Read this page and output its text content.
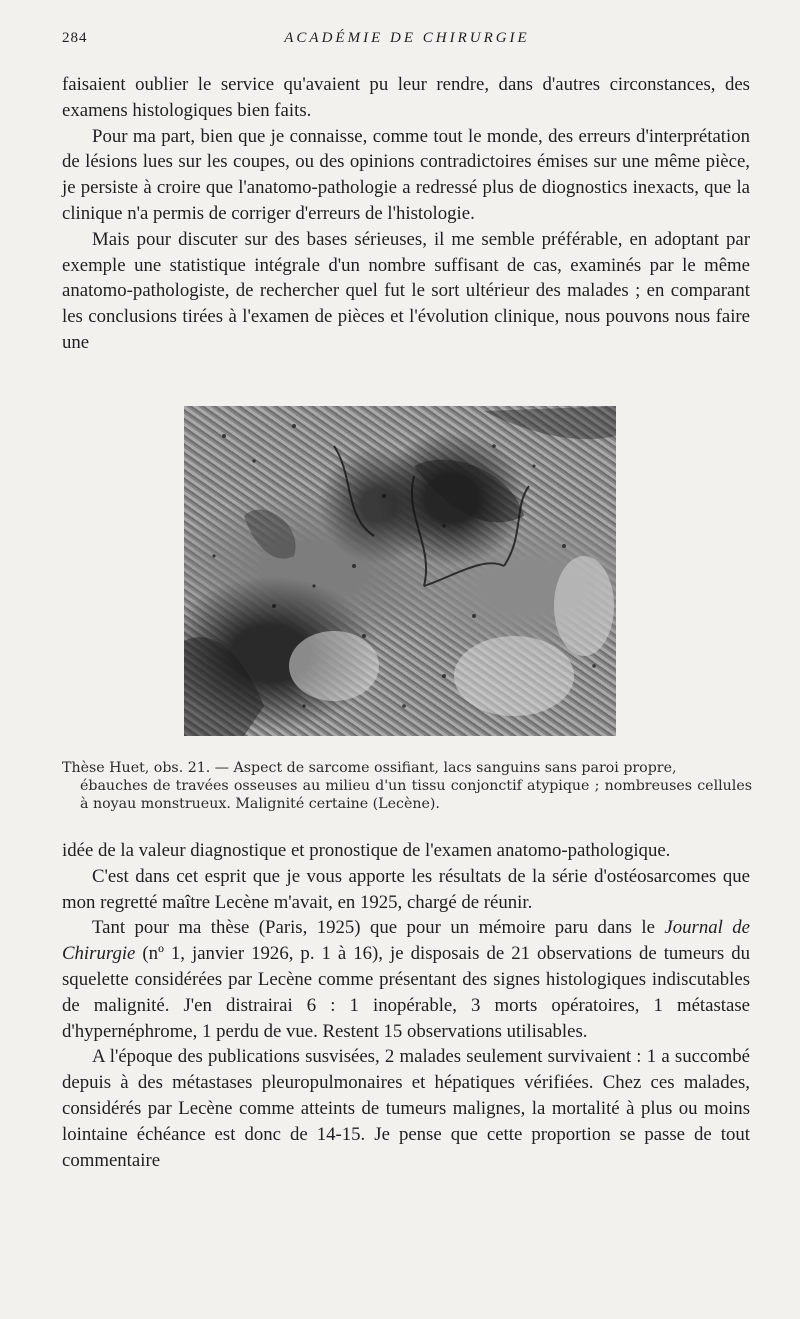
284	ACADÉMIE DE CHIRURGIE

faisaient oublier le service qu'avaient pu leur rendre, dans d'autres circonstances, des examens histologiques bien faits.

Pour ma part, bien que je connaisse, comme tout le monde, des erreurs d'interprétation de lésions lues sur les coupes, ou des opinions contradictoires émises sur une même pièce, je persiste à croire que l'anatomo-pathologie a redressé plus de diognostics inexacts, que la clinique n'a permis de corriger d'erreurs de l'histologie.

Mais pour discuter sur des bases sérieuses, il me semble préférable, en adoptant par exemple une statistique intégrale d'un nombre suffisant de cas, examinés par le même anatomo-pathologiste, de rechercher quel fut le sort ultérieur des malades ; en comparant les conclusions tirées à l'examen de pièces et l'évolution clinique, nous pouvons nous faire une

Thèse Huet, obs. 21. — Aspect de sarcome ossifiant, lacs sanguins sans paroi propre,
ébauches de travées osseuses au milieu d'un tissu conjonctif atypique ; nombreuses cellules à noyau monstrueux. Malignité certaine (Lecène).

idée de la valeur diagnostique et pronostique de l'examen anatomo-pathologique.

C'est dans cet esprit que je vous apporte les résultats de la série d'ostéosarcomes que mon regretté maître Lecène m'avait, en 1925, chargé de réunir.

Tant pour ma thèse (Paris, 1925) que pour un mémoire paru dans le Journal de Chirurgie (nº 1, janvier 1926, p. 1 à 16), je disposais de 21 observations de tumeurs du squelette considérées par Lecène comme présentant des signes histologiques indiscutables de malignité. J'en distrairai 6 : 1 inopérable, 3 morts opératoires, 1 métastase d'hypernéphrome, 1 perdu de vue. Restent 15 observations utilisables.

A l'époque des publications susvisées, 2 malades seulement survivaient : 1 a succombé depuis à des métastases pleuropulmonaires et hépatiques vérifiées. Chez ces malades, considérés par Lecène comme atteints de tumeurs malignes, la mortalité à plus ou moins lointaine échéance est donc de 14-15. Je pense que cette proportion se passe de tout commentaire
